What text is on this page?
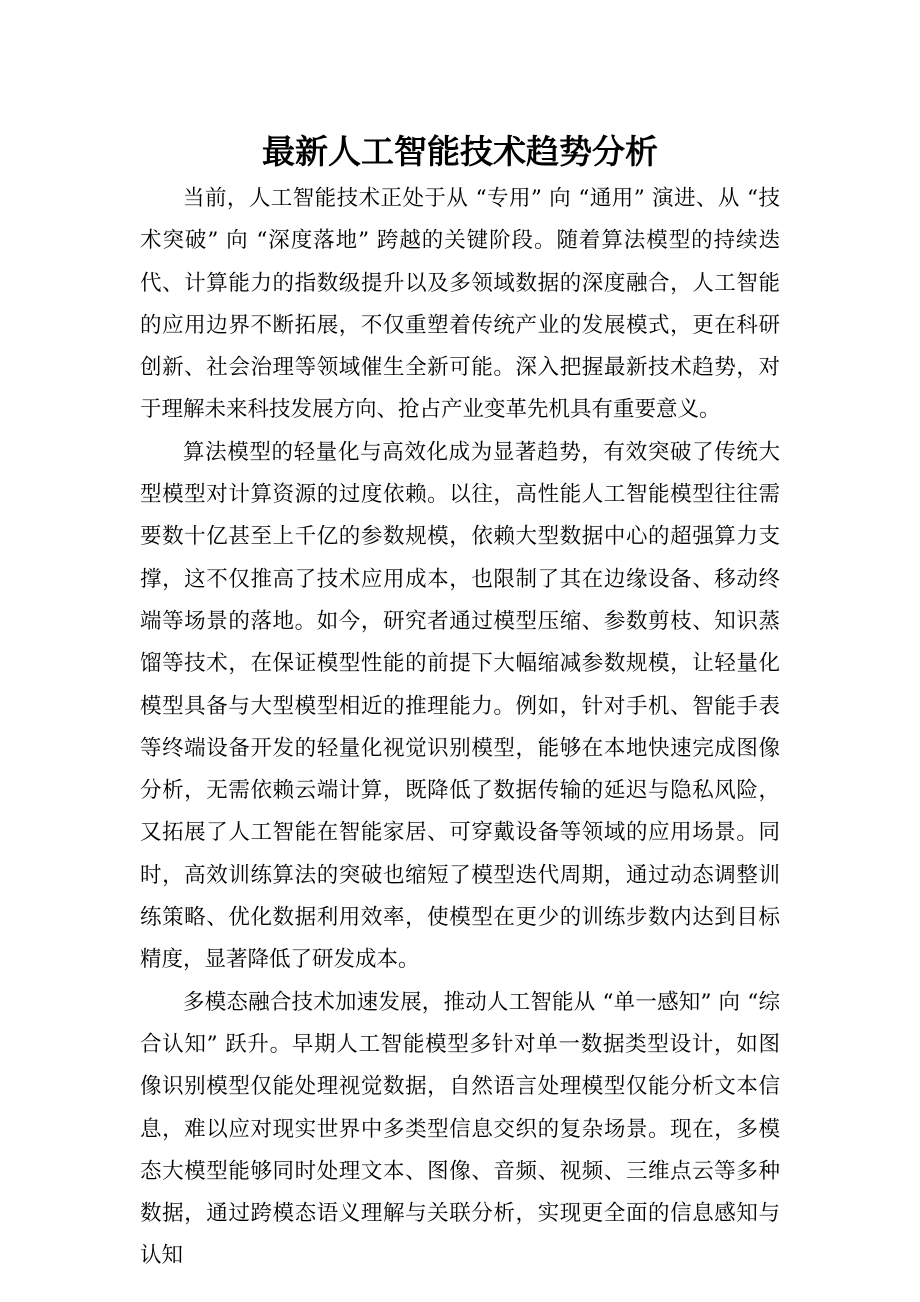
最新人工智能技术趋势分析

当前，人工智能技术正处于从 “专用” 向 “通用” 演进、从 “技术突破” 向 “深度落地” 跨越的关键阶段。随着算法模型的持续迭代、计算能力的指数级提升以及多领域数据的深度融合，人工智能的应用边界不断拓展，不仅重塑着传统产业的发展模式，更在科研创新、社会治理等领域催生全新可能。深入把握最新技术趋势，对于理解未来科技发展方向、抢占产业变革先机具有重要意义。

算法模型的轻量化与高效化成为显著趋势，有效突破了传统大型模型对计算资源的过度依赖。以往，高性能人工智能模型往往需要数十亿甚至上千亿的参数规模，依赖大型数据中心的超强算力支撑，这不仅推高了技术应用成本，也限制了其在边缘设备、移动终端等场景的落地。如今，研究者通过模型压缩、参数剪枝、知识蒸馏等技术，在保证模型性能的前提下大幅缩减参数规模，让轻量化模型具备与大型模型相近的推理能力。例如，针对手机、智能手表等终端设备开发的轻量化视觉识别模型，能够在本地快速完成图像分析，无需依赖云端计算，既降低了数据传输的延迟与隐私风险，又拓展了人工智能在智能家居、可穿戴设备等领域的应用场景。同时，高效训练算法的突破也缩短了模型迭代周期，通过动态调整训练策略、优化数据利用效率，使模型在更少的训练步数内达到目标精度，显著降低了研发成本。

多模态融合技术加速发展，推动人工智能从 “单一感知” 向 “综合认知” 跃升。早期人工智能模型多针对单一数据类型设计，如图像识别模型仅能处理视觉数据，自然语言处理模型仅能分析文本信息，难以应对现实世界中多类型信息交织的复杂场景。现在，多模态大模型能够同时处理文本、图像、音频、视频、三维点云等多种数据，通过跨模态语义理解与关联分析，实现更全面的信息感知与认知
